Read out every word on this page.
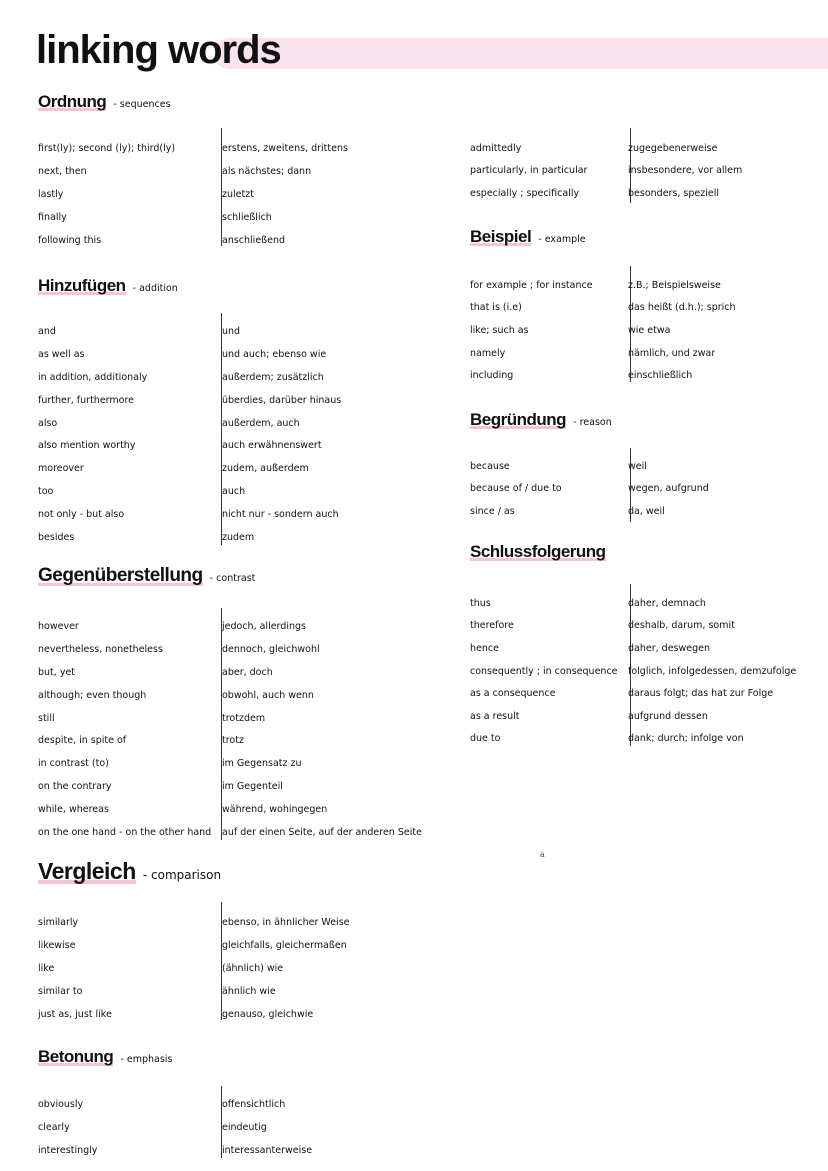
linking words
Ordnung - sequences
first(ly); second (ly); third(ly)	erstens, zweitens, drittens
next, then	als nächstes; dann
lastly	zuletzt
finally	schließlich
following this	anschließend
Hinzufügen - addition
and	und
as well as	und auch; ebenso wie
in addition, additionaly	außerdem; zusätzlich
further, furthermore	überdies, darüber hinaus
also	außerdem, auch
also mention worthy	auch erwähnenswert
moreover	zudem, außerdem
too	auch
not only - but also	nicht nur - sondern auch
besides	zudem
Gegenüberstellung - contrast
however	jedoch, allerdings
nevertheless, nonetheless	dennoch, gleichwohl
but, yet	aber, doch
although; even though	obwohl, auch wenn
still	trotzdem
despite, in spite of	trotz
in contrast (to)	im Gegensatz zu
on the contrary	im Gegenteil
while, whereas	während, wohingegen
on the one hand - on the other hand	auf der einen Seite, auf der anderen Seite
Vergleich - comparison
similarly	ebenso, in ähnlicher Weise
likewise	gleichfalls, gleichermaßen
like	(ähnlich) wie
similar to	ähnlich wie
just as, just like	genauso, gleichwie
Betonung - emphasis
obviously	offensichtlich
clearly	eindeutig
interestingly	interessanterweise
admittedly	zugegebenerweise
particularly, in particular	insbesondere, vor allem
especially ; specifically	besonders, speziell
Beispiel - example
for example ; for instance	z.B.; Beispielsweise
that is (i.e)	das heißt (d.h.); sprich
like; such as	wie etwa
namely	nämlich, und zwar
including	einschließlich
Begründung - reason
because	weil
because of / due to	wegen, aufgrund
since / as	da, weil
Schlussfolgerung
thus	daher, demnach
therefore	deshalb, darum, somit
hence	daher, deswegen
consequently ; in consequence	folglich, infolgedessen, demzufolge
as a consequence	daraus folgt; das hat zur Folge
as a result	aufgrund dessen
due to	dank; durch; infolge von
a
